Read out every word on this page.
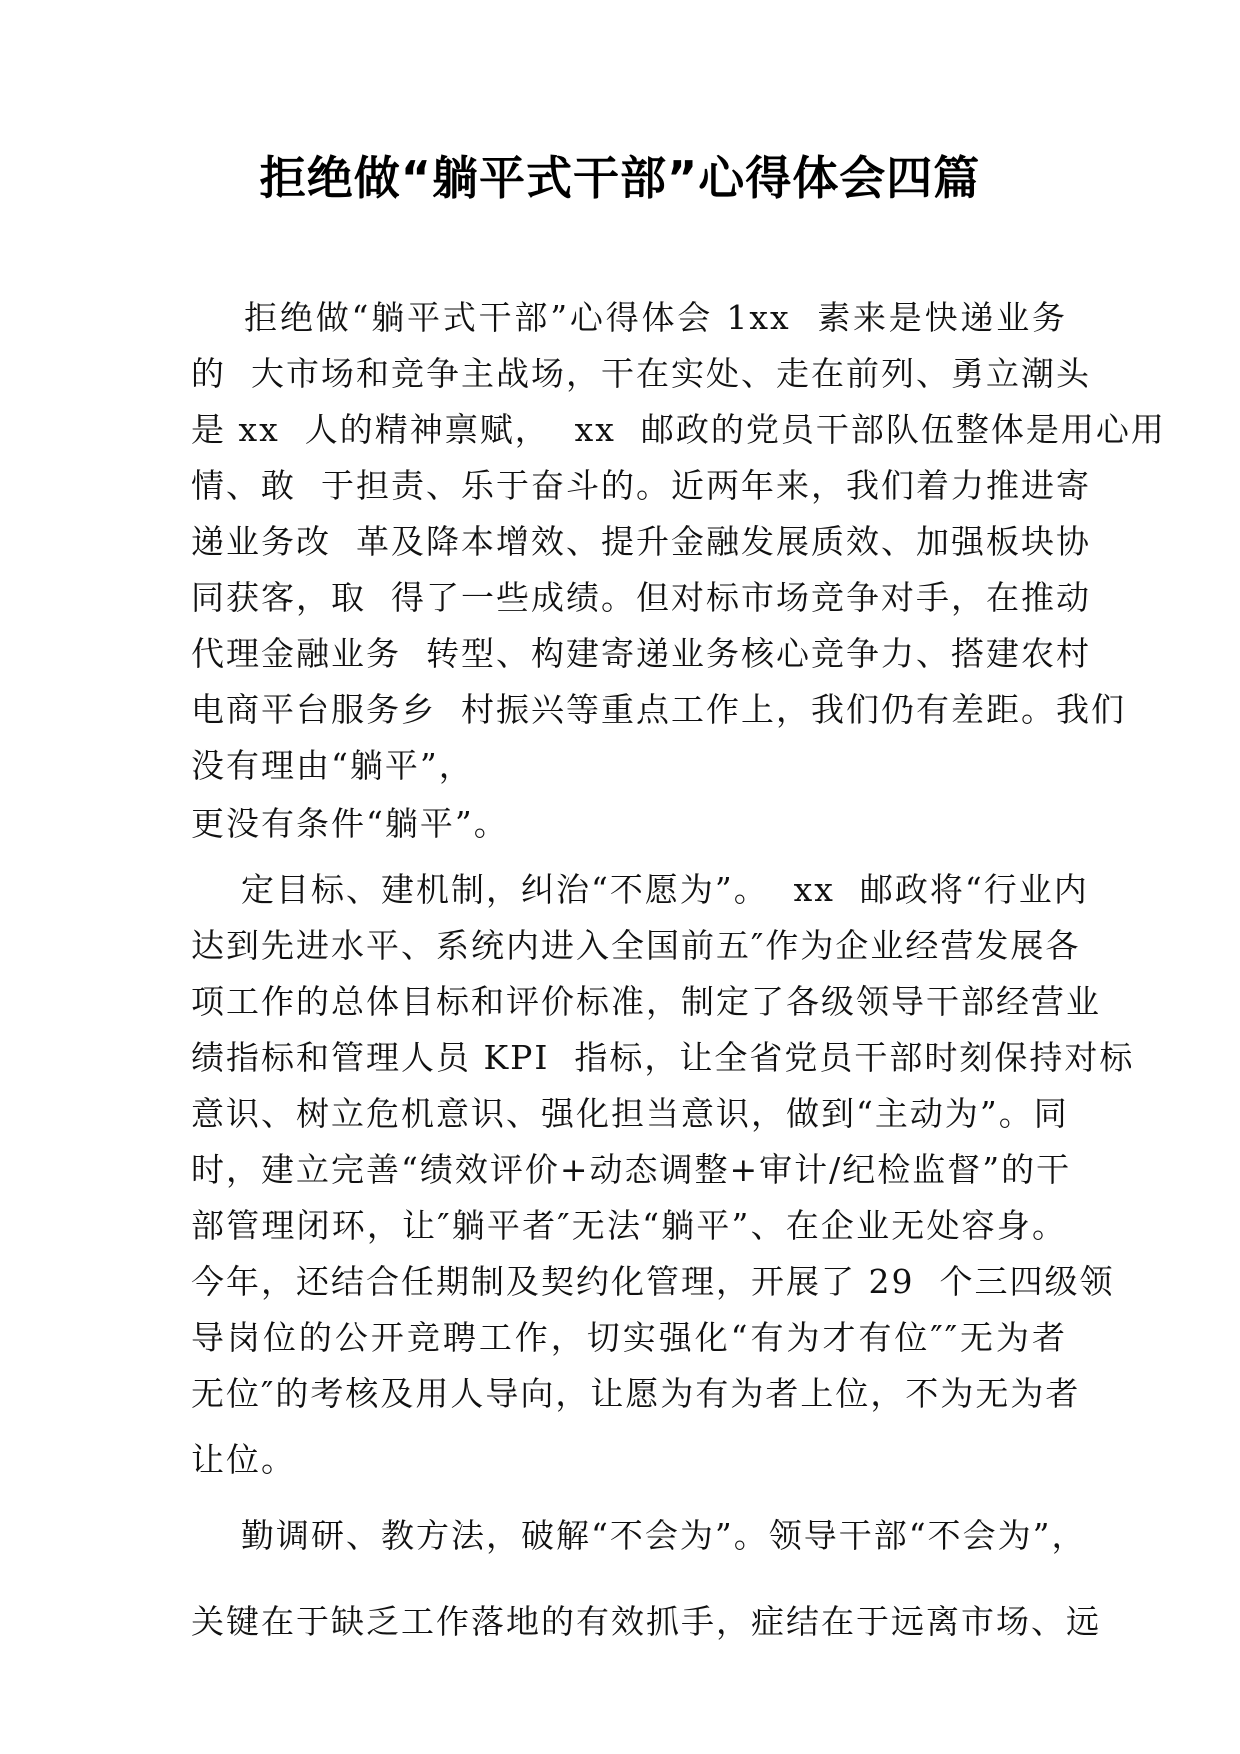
拒绝做“躺平式干部”心得体会四篇
拒绝做“躺平式干部”心得体会 1xx  素来是快递业务
的  大市场和竞争主战场，干在实处、走在前列、勇立潮头
是 xx  人的精神禀赋，  xx  邮政的党员干部队伍整体是用心用
情、敢  于担责、乐于奋斗的。近两年来，我们着力推进寄
递业务改  革及降本增效、提升金融发展质效、加强板块协
同获客，取  得了一些成绩。但对标市场竞争对手，在推动
代理金融业务  转型、构建寄递业务核心竞争力、搭建农村
电商平台服务乡  村振兴等重点工作上，我们仍有差距。我们
没有理由“躺平”，
更没有条件“躺平”。
定目标、建机制，纠治“不愿为”。  xx  邮政将“行业内
达到先进水平、系统内进入全国前五″作为企业经营发展各
项工作的总体目标和评价标准，制定了各级领导干部经营业
绩指标和管理人员 KPI  指标，让全省党员干部时刻保持对标
意识、树立危机意识、强化担当意识，做到“主动为”。同
时，建立完善“绩效评价+动态调整+审计/纪检监督”的干
部管理闭环，让″躺平者″无法“躺平”、在企业无处容身。
今年，还结合任期制及契约化管理，开展了 29  个三四级领
导岗位的公开竞聘工作，切实强化“有为才有位″″无为者
无位″的考核及用人导向，让愿为有为者上位，不为无为者
让位。
勤调研、教方法，破解“不会为”。领导干部“不会为”，
关键在于缺乏工作落地的有效抓手，症结在于远离市场、远
